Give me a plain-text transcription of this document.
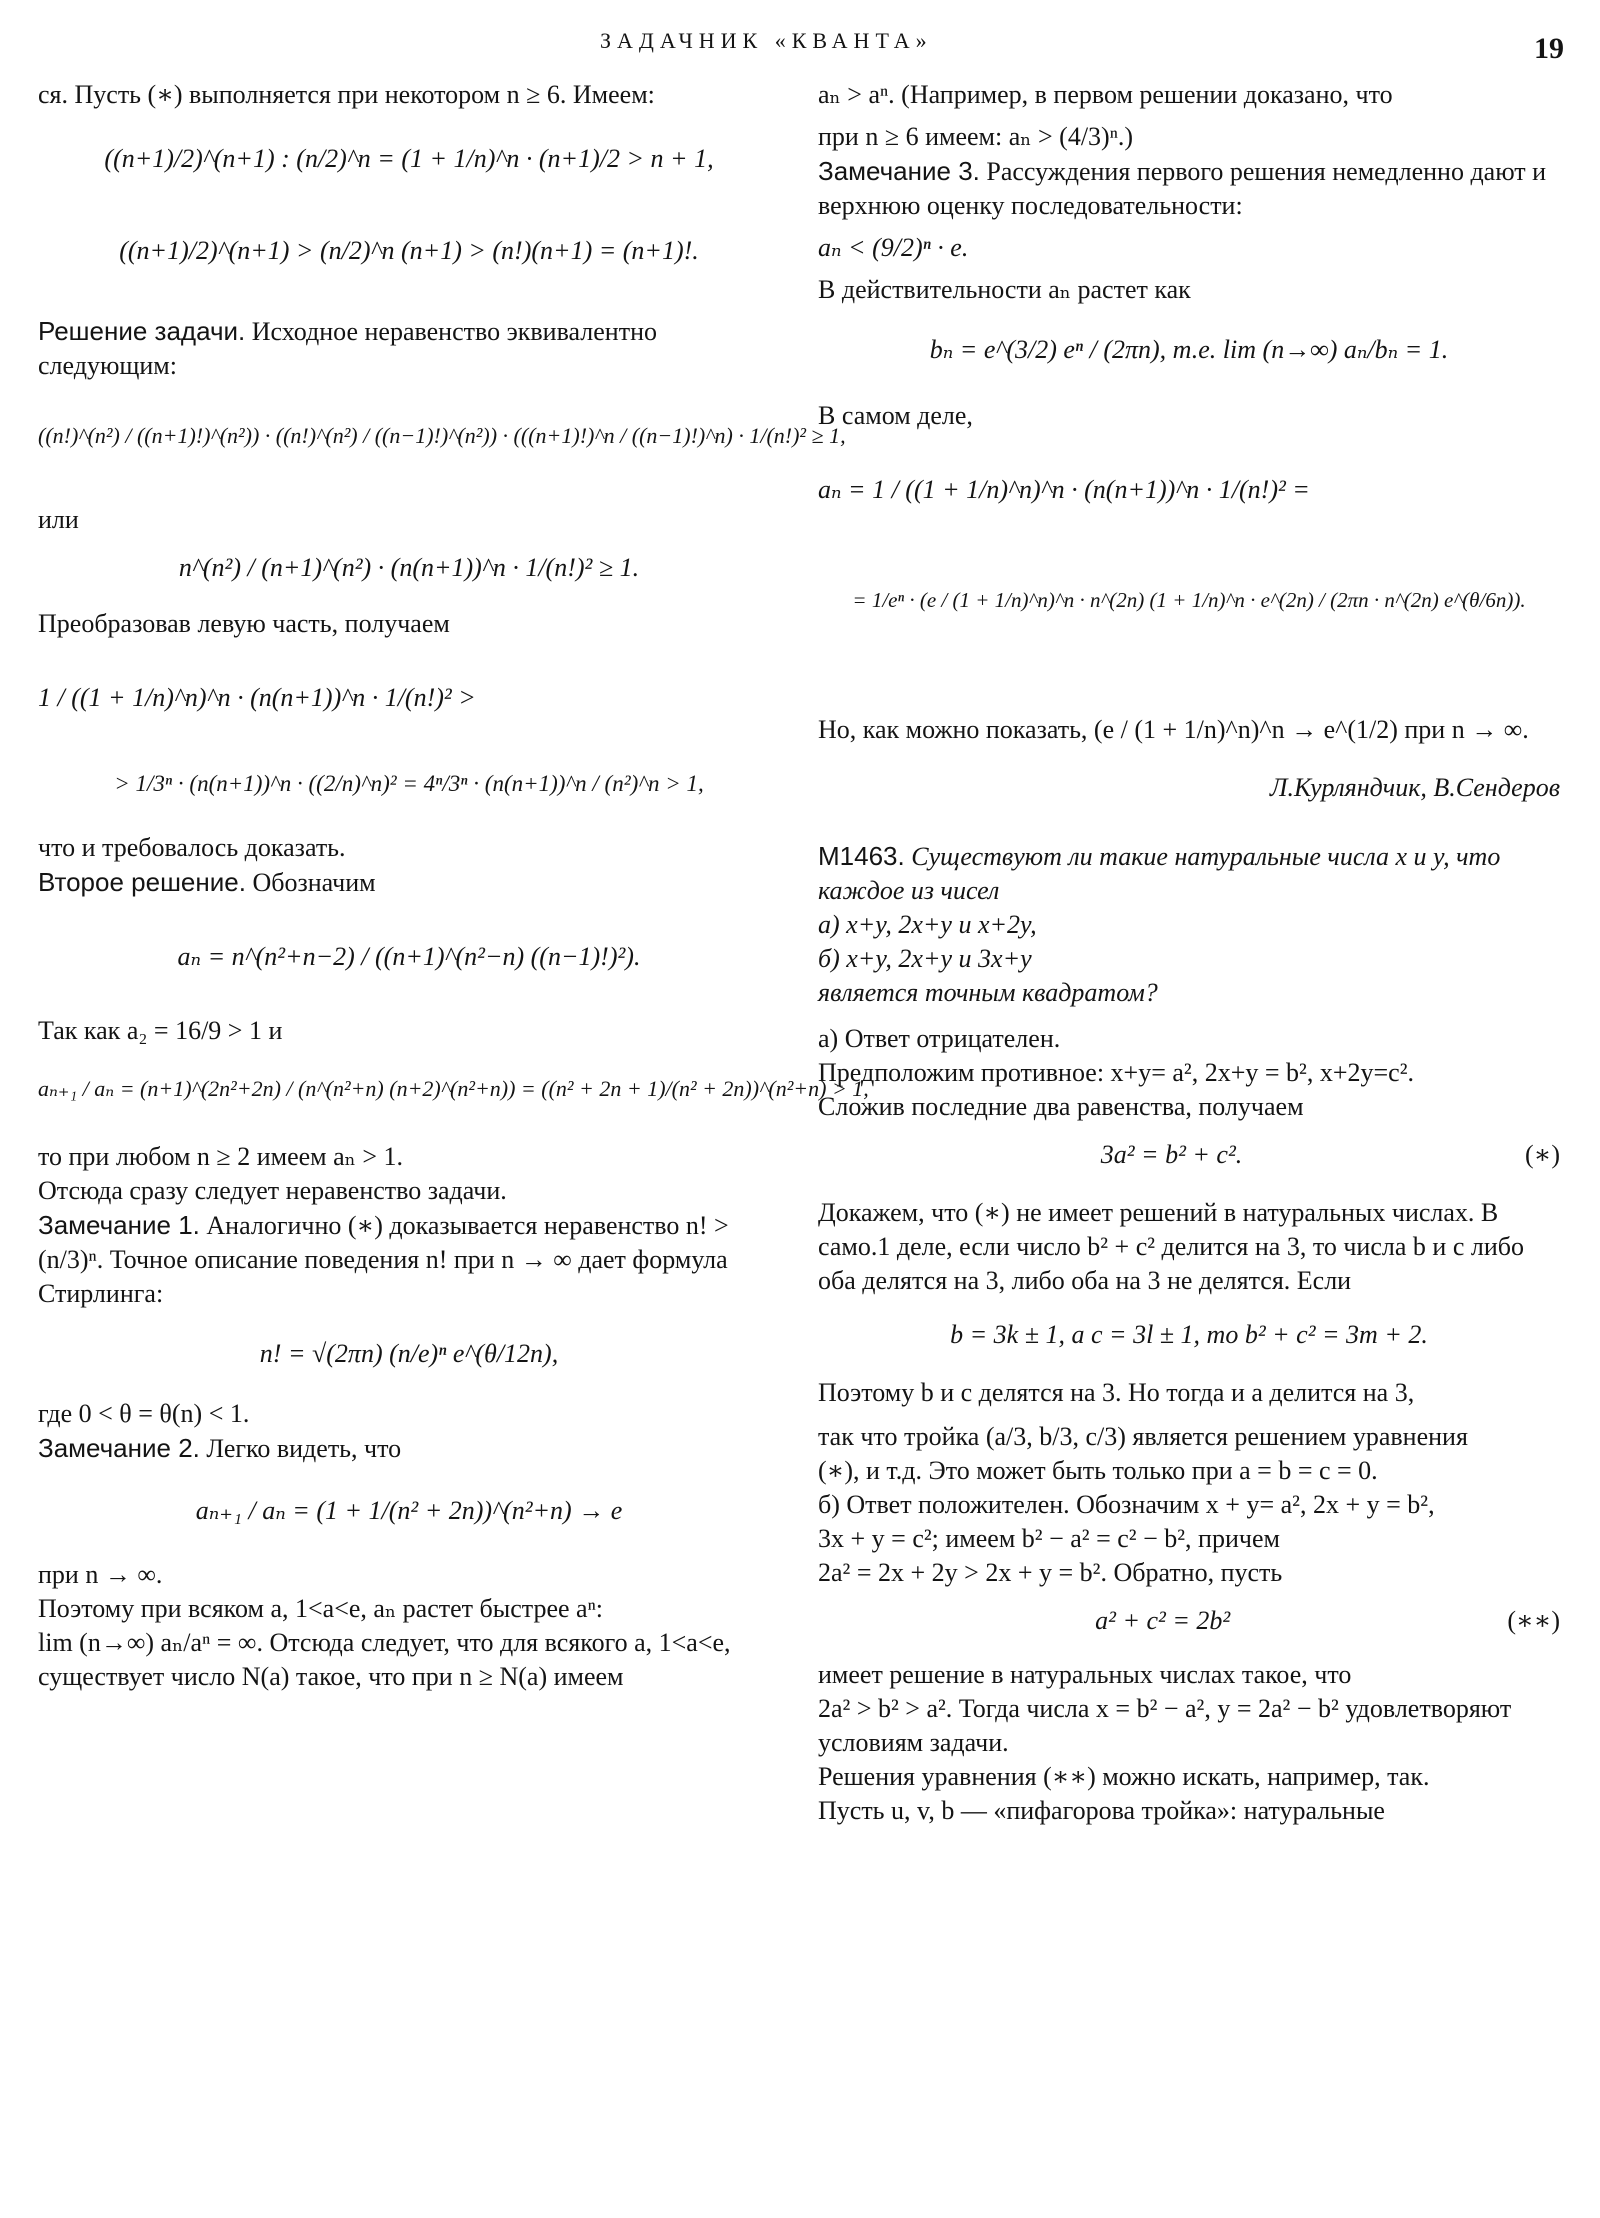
ЗАДАЧНИК «КВАНТА»	19

ся. Пусть (∗) выполняется при некотором n ≥ 6. Имеем:

((n+1)/2)^(n+1) : (n/2)^n = (1 + 1/n)^n · (n+1)/2 > n + 1,

((n+1)/2)^(n+1) > (n/2)^n (n+1) > (n!)(n+1) = (n+1)!.

Решение задачи. Исходное неравенство эквивалентно следующим:

((n!)^(n²) / ((n+1)!)^(n²)) · ((n!)^(n²) / ((n−1)!)^(n²)) · (((n+1)!)^n / ((n−1)!)^n) · 1/(n!)² ≥ 1,

или

n^(n²) / (n+1)^(n²) · (n(n+1))^n · 1/(n!)² ≥ 1.

Преобразовав левую часть, получаем

1 / ((1 + 1/n)^n)^n · (n(n+1))^n · 1/(n!)² >

> 1/3ⁿ · (n(n+1))^n · ((2/n)^n)² = 4ⁿ/3ⁿ · (n(n+1))^n / (n²)^n > 1,

что и требовалось доказать.

Второе решение. Обозначим

aₙ = n^(n²+n−2) / ((n+1)^(n²−n) ((n−1)!)²).

Так как a₂ = 16/9 > 1 и

aₙ₊₁ / aₙ = (n+1)^(2n²+2n) / (n^(n²+n) (n+2)^(n²+n)) = ((n² + 2n + 1)/(n² + 2n))^(n²+n) > 1,

то при любом n ≥ 2 имеем aₙ > 1.

Отсюда сразу следует неравенство задачи.

Замечание 1. Аналогично (∗) доказывается неравенство n! > (n/3)ⁿ. Точное описание поведения n! при n → ∞ дает формула Стирлинга:

n! = √(2πn) (n/e)ⁿ e^(θ/12n),

где 0 < θ = θ(n) < 1.

Замечание 2. Легко видеть, что

aₙ₊₁ / aₙ = (1 + 1/(n² + 2n))^(n²+n) → e

при n → ∞.

Поэтому при всяком a, 1<a<e, aₙ растет быстрее aⁿ:

lim (n→∞) aₙ/aⁿ = ∞. Отсюда следует, что для всякого a, 1<a<e,

существует число N(a) такое, что при n ≥ N(a) имеем

aₙ > aⁿ. (Например, в первом решении доказано, что

при n ≥ 6 имеем: aₙ > (4/3)ⁿ.)

Замечание 3. Рассуждения первого решения немедленно дают и верхнюю оценку последовательности:

aₙ < (9/2)ⁿ · e.

В действительности aₙ растет как

bₙ = e^(3/2) eⁿ / (2πn), т.е. lim (n→∞) aₙ/bₙ = 1.

В самом деле,

aₙ = 1 / ((1 + 1/n)^n)^n · (n(n+1))^n · 1/(n!)² =

= 1/eⁿ · (e / (1 + 1/n)^n)^n · n^(2n) (1 + 1/n)^n · e^(2n) / (2πn · n^(2n) e^(θ/6n)).

Но, как можно показать, (e / (1 + 1/n)^n)^n → e^(1/2) при n → ∞.

Л.Курляндчик, В.Сендеров

М1463. Существуют ли такие натуральные числа x и y, что каждое из чисел

а) x+y, 2x+y и x+2y,

б) x+y, 2x+y и 3x+y

является точным квадратом?

а) Ответ отрицателен.

Предположим противное: x+y= a², 2x+y = b², x+2y=c².

Сложив последние два равенства, получаем

3a² = b² + c².	(∗)

Докажем, что (∗) не имеет решений в натуральных числах. В само.1 деле, если число b² + c² делится на 3, то числа b и c либо оба делятся на 3, либо оба на 3 не делятся. Если

b = 3k ± 1, а c = 3l ± 1, то b² + c² = 3m + 2.

Поэтому b и c делятся на 3. Но тогда и a делится на 3,

так что тройка (a/3, b/3, c/3) является решением уравнения

(∗), и т.д. Это может быть только при a = b = c = 0.

б) Ответ положителен. Обозначим x + y= a², 2x + y = b²,

3x + y = c²; имеем b² − a² = c² − b², причем

2a² = 2x + 2y > 2x + y = b². Обратно, пусть

a² + c² = 2b²	(∗∗)

имеет решение в натуральных числах такое, что

2a² > b² > a². Тогда числа x = b² − a², y = 2a² − b² удовлетворяют условиям задачи.

Решения уравнения (∗∗) можно искать, например, так.

Пусть u, v, b — «пифагорова тройка»: натуральные
